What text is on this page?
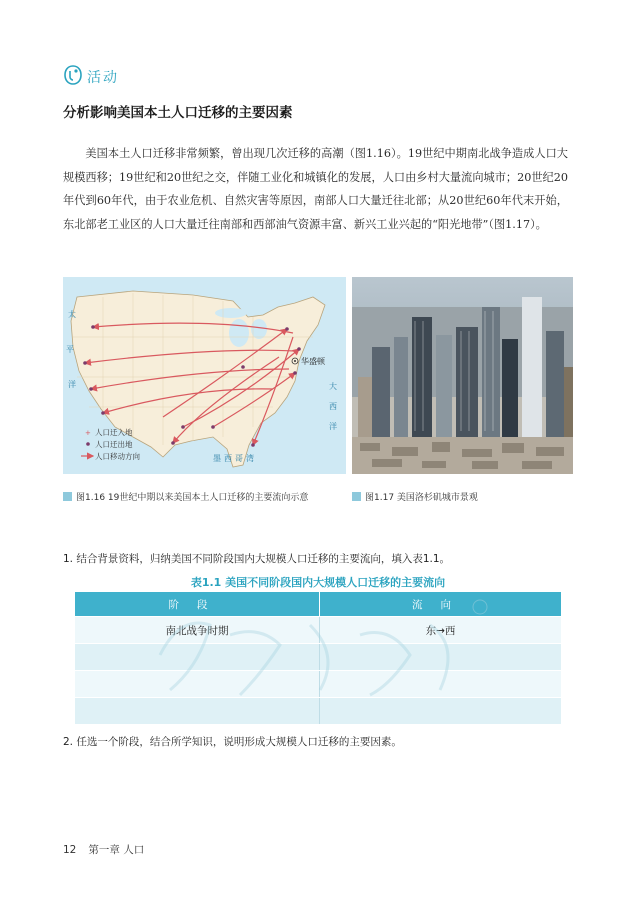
活动
分析影响美国本土人口迁移的主要因素

美国本土人口迁移非常频繁，曾出现几次迁移的高潮（图1.16）。19世纪中期南北战争造成人口大规模西移；19世纪和20世纪之交，伴随工业化和城镇化的发展，人口由乡村大量流向城市；20世纪20年代到60年代，由于农业危机、自然灾害等原因，南部人口大量迁往北部；从20世纪60年代末开始，东北部老工业区的人口大量迁往南部和西部油气资源丰富、新兴工业兴起的“阳光地带”（图1.17）。

华盛顿
太
平
洋	大
西
洋
墨西哥湾
+ 人口迁入地
人口迁出地
人口移动方向
图1.16 19世纪中期以来美国本土人口迁移的主要流向示意	图1.17 美国洛杉矶城市景观
1. 结合背景资料，归纳美国不同阶段国内大规模人口迁移的主要流向，填入表1.1。
表1.1 美国不同阶段国内大规模人口迁移的主要流向
阶段	流向
南北战争时期	东→西

2. 任选一个阶段，结合所学知识，说明形成大规模人口迁移的主要因素。
12 第一章 人口
